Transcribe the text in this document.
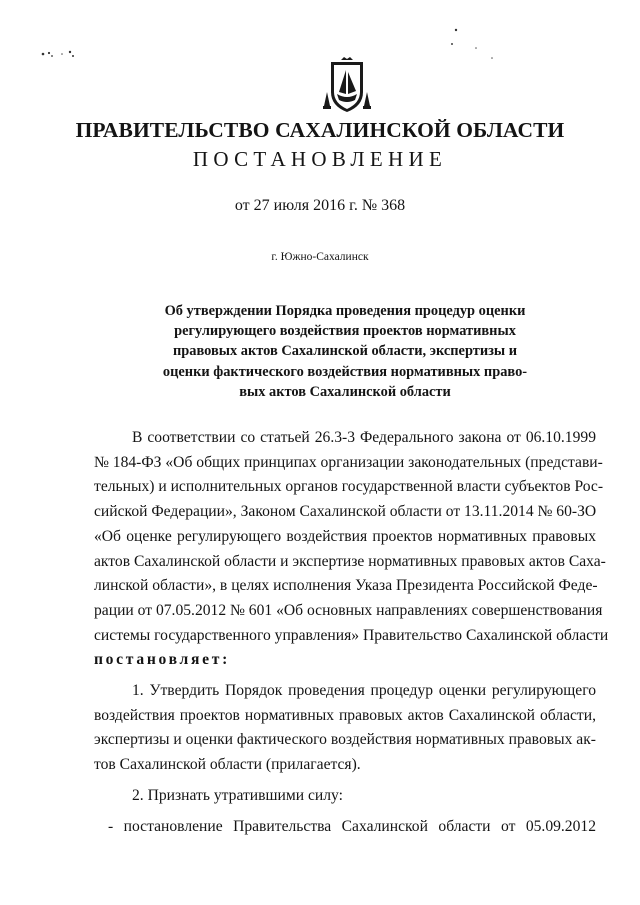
ПРАВИТЕЛЬСТВО САХАЛИНСКОЙ ОБЛАСТИ
ПОСТАНОВЛЕНИЕ
от 27 июля 2016 г. № 368
г. Южно-Сахалинск
Об утверждении Порядка проведения процедур оценки
регулирующего воздействия проектов нормативных
правовых актов Сахалинской области, экспертизы и
оценки фактического воздействия нормативных право-
вых актов Сахалинской области
В соответствии со статьей 26.3-3 Федерального закона от 06.10.1999
№ 184-ФЗ «Об общих принципах организации законодательных (представи-
тельных) и исполнительных органов государственной власти субъектов Рос-
сийской Федерации», Законом Сахалинской области от 13.11.2014 № 60-ЗО
«Об оценке регулирующего воздействия проектов нормативных правовых
актов Сахалинской области и экспертизе нормативных правовых актов Саха-
линской области», в целях исполнения Указа Президента Российской Феде-
рации от 07.05.2012 № 601 «Об основных направлениях совершенствования
системы государственного управления» Правительство Сахалинской области
постановляет:
1. Утвердить Порядок проведения процедур оценки регулирующего
воздействия проектов нормативных правовых актов Сахалинской области,
экспертизы и оценки фактического воздействия нормативных правовых ак-
тов Сахалинской области (прилагается).
2. Признать утратившими силу:
- постановление Правительства Сахалинской области от 05.09.2012
